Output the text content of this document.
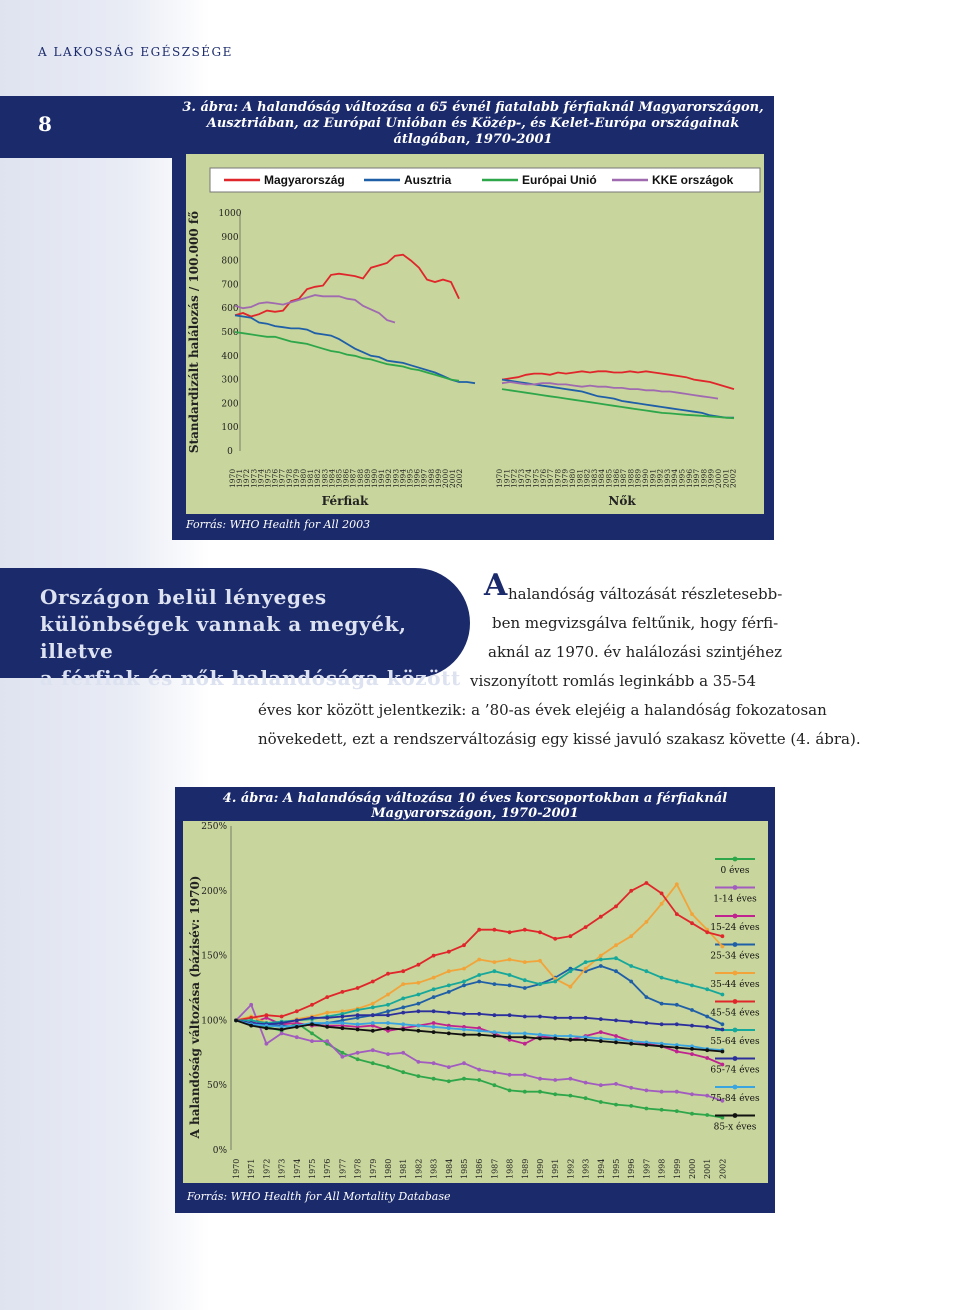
A LAKOSSÁG EGÉSZSÉGE
8
Magyarország	Ausztria	Európai Unió	KKE országok
0
100
200
300
400
500
600
700
800
900
1000
Standardizált halálozás / 100.000 fő
1970	1970
1971	1971
1972	1972
1973	1973
1974	1974
1975	1975
1976	1976
1977	1977
1978	1978
1979	1979
1980	1980
1981	1981
1982	1982
1983	1983
1984	1984
1985	1985
1986	1986
1987	1987
1988	1988
1989	1989
1990	1990
1991	1991
1992	1992
1993	1993
1994	1994
1995	1995
1996	1996
1997	1997
1998	1998
1999	1999
2000	2000
2001	2001
2002	2002
Férfiak	Nők
3. ábra: A halandóság változása a 65 évnél fiatalabb férfiaknál Magyarországon, Ausztriában, az Európai Unióban és Közép-, és Kelet-Európa országainak átlagában, 1970-2001
Forrás: WHO Health for All 2003
Országon belül lényeges
különbségek vannak a megyék, illetve
a férfiak és nők halandósága között
A halandóság változását részletesebb-
ben megvizsgálva feltűnik, hogy férfi-
aknál az 1970. év halálozási szintjéhez
viszonyított romlás leginkább a 35-54
éves kor között jelentkezik: a ’80-as évek elejéig a halandóság fokozatosan
növekedett, ezt a rendszerváltozásig egy kissé javuló szakasz követte (4. ábra).
0%
50%
100%
150%
200%
250%
A halandóság változása (bázisév: 1970)
1970 1971 1972 1973 1974 1975 1976 1977 1978 1979 1980 1981 1982 1983 1984 1985 1986 1987 1988 1989 1990 1991 1992 1993 1994 1995 1996 1997 1998 1999 2000 2001 2002
0 éves
1-14 éves
15-24 éves
25-34 éves
35-44 éves
45-54 éves
55-64 éves
65-74 éves
75-84 éves
85-x éves
4. ábra: A halandóság változása 10 éves korcsoportokban a férfiaknál Magyarországon, 1970-2001
Forrás: WHO Health for All Mortality Database
